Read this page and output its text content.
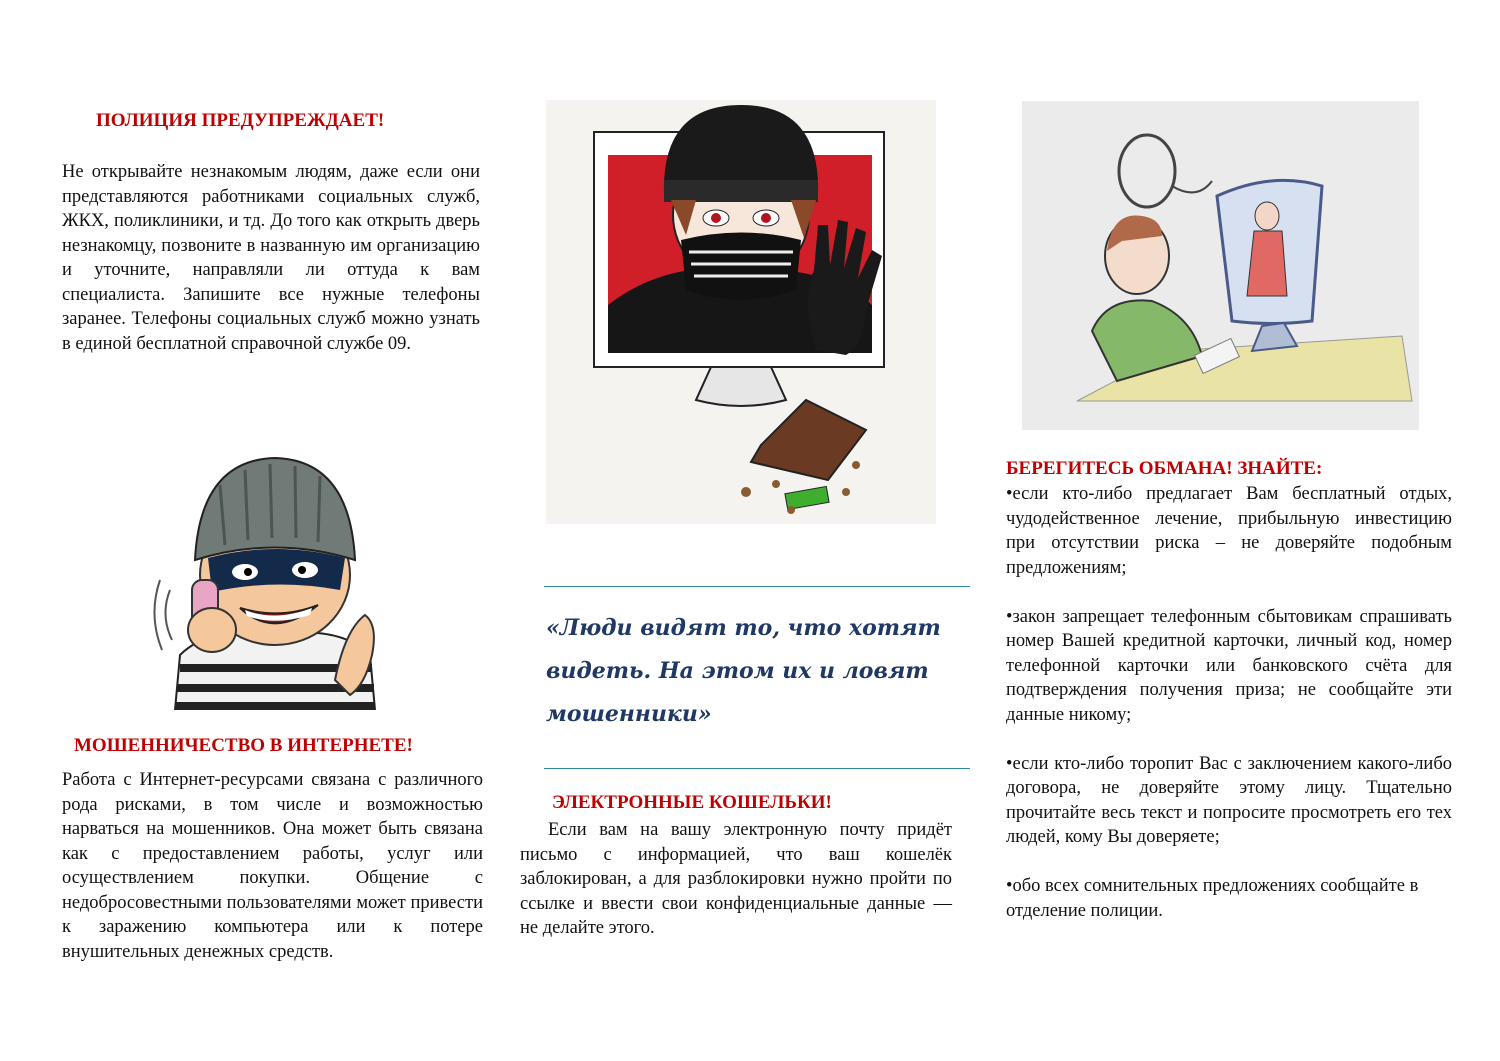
ПОЛИЦИЯ ПРЕДУПРЕЖДАЕТ!

Не открывайте незнакомым людям, даже если они представляются работниками социальных служб, ЖКХ, поликлиники, и тд. До того как открыть дверь незнакомцу, позвоните в названную им организацию и уточните, направляли ли оттуда к вам специалиста. Запишите все нужные телефоны заранее. Телефоны социальных служб можно узнать в единой бесплатной справочной службе 09.

МОШЕННИЧЕСТВО В ИНТЕРНЕТЕ!

Работа с Интернет-ресурсами связана с различного рода рисками, в том числе и возможностью нарваться на мошенников. Она может быть связана как с предоставлением работы, услуг или осуществлением покупки. Общение с недобросовестными пользователями может привести к заражению компьютера или к потере внушительных денежных средств.

«Люди видят то, что хотят видеть. На этом их и ловят мошенники»
ЭЛЕКТРОННЫЕ КОШЕЛЬКИ!

Если вам на вашу электронную почту придёт письмо с информацией, что ваш кошелёк заблокирован, а для разблокировки нужно пройти по ссылке и ввести свои конфиденциальные данные — не делайте этого.

БЕРЕГИТЕСЬ ОБМАНА! ЗНАЙТЕ:

•если кто-либо предлагает Вам бесплатный отдых, чудодейственное лечение, прибыльную инвестицию при отсутствии риска – не доверяйте подобным предложениям;

•закон запрещает телефонным сбытовикам спрашивать номер Вашей кредитной карточки, личный код, номер телефонной карточки или банковского счёта для подтверждения получения приза; не сообщайте эти данные никому;

•если кто-либо торопит Вас с заключением какого-либо договора, не доверяйте этому лицу. Тщательно прочитайте весь текст и попросите просмотреть его тех людей, кому Вы доверяете;

•обо всех сомнительных предложениях сообщайте в отделение полиции.
